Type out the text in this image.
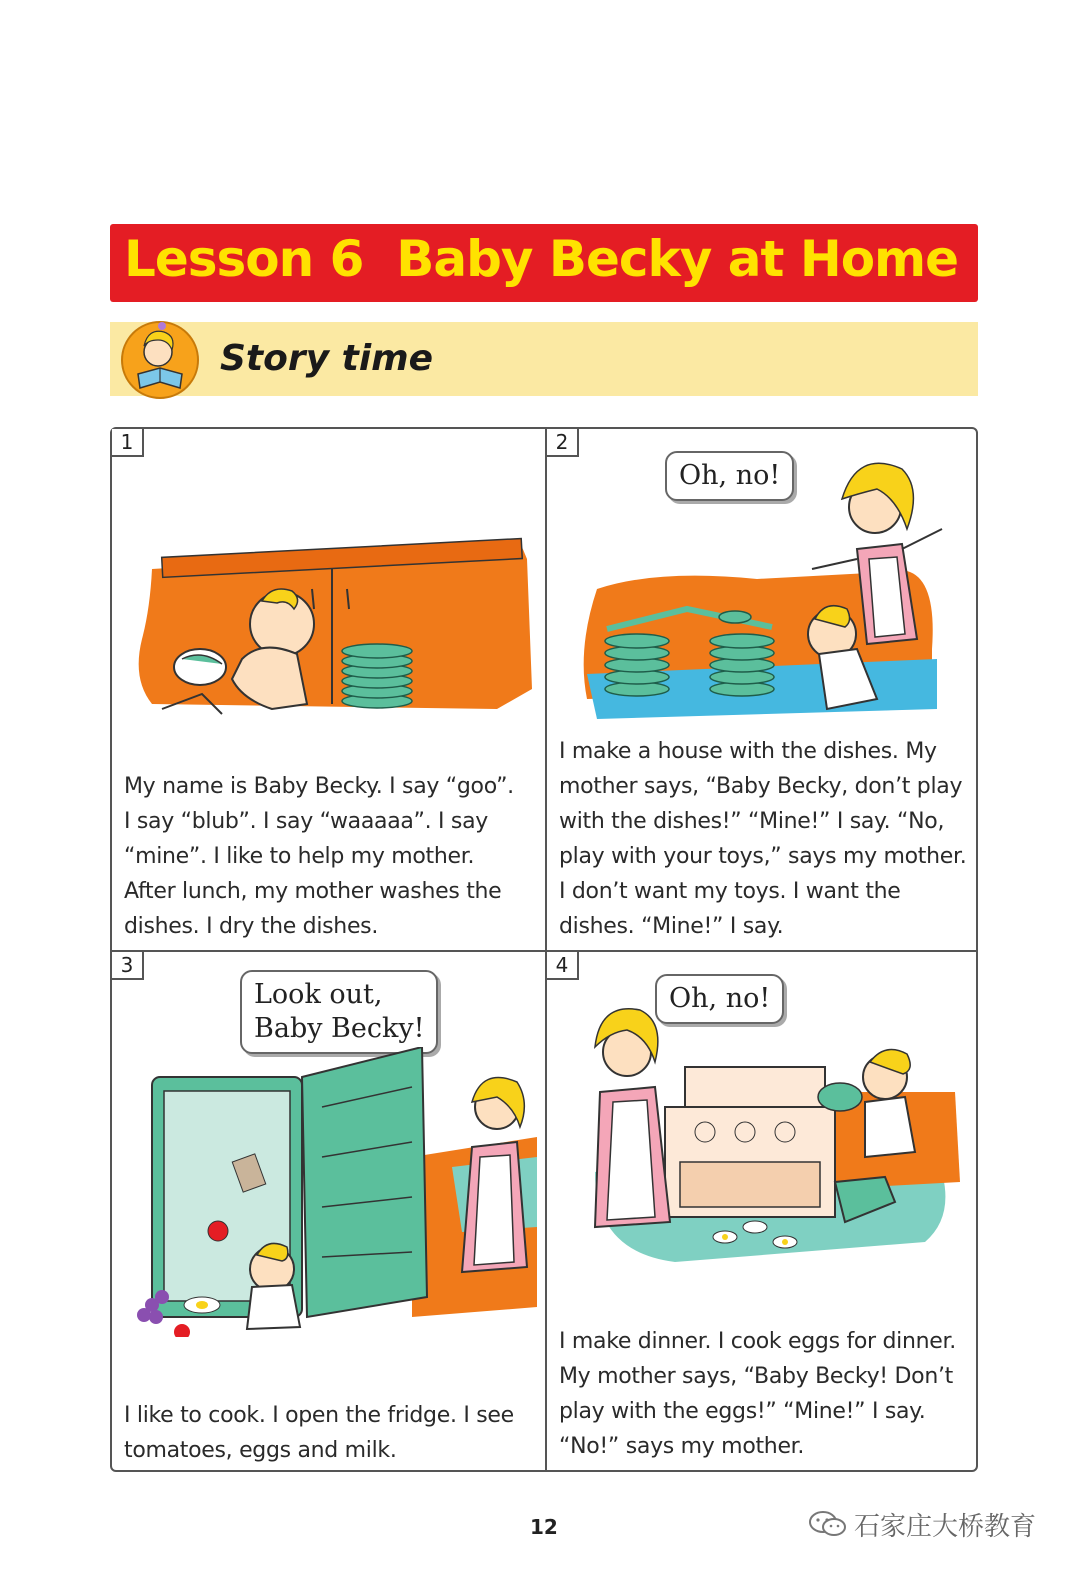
Lesson 6  Baby Becky at Home
Story time
1
My name is Baby Becky. I say “goo”. I say “blub”. I say “waaaaa”. I say “mine”. I like to help my mother. After lunch, my mother washes the dishes. I dry the dishes.
2
Oh, no!
I make a house with the dishes. My mother says, “Baby Becky, don’t play with the dishes!” “Mine!” I say. “No, play with your toys,” says my mother. I don’t want my toys. I want the dishes. “Mine!” I say.
3
Look out,
Baby Becky!
I like to cook. I open the fridge. I see tomatoes, eggs and milk.
4
Oh, no!
I make dinner. I cook eggs for dinner. My mother says, “Baby Becky! Don’t play with the eggs!” “Mine!” I say. “No!” says my mother.
12	石家庄大桥教育
